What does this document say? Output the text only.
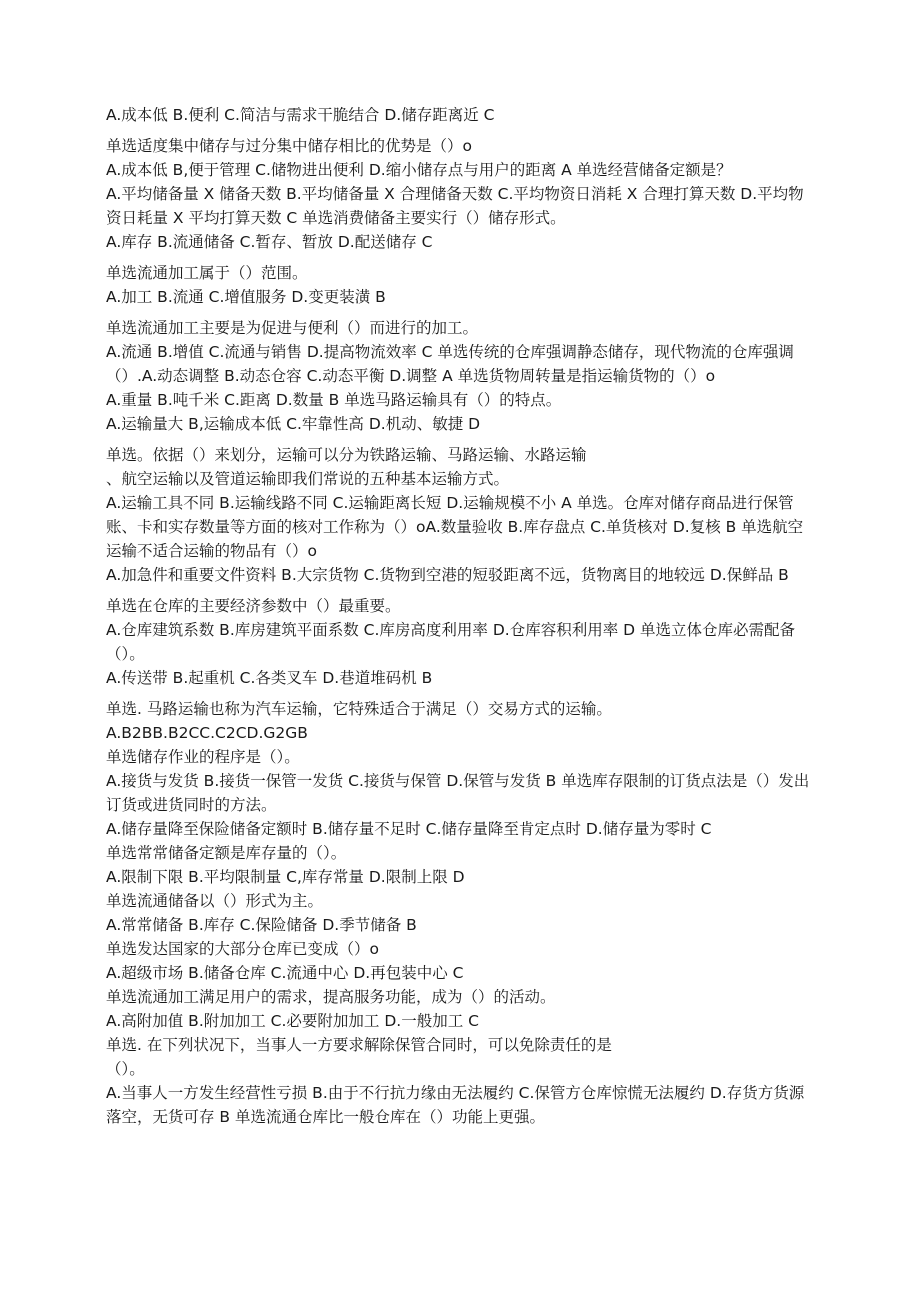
A.成本低 B.便利 C.简洁与需求干脆结合 D.储存距离近 C

单选适度集中储存与过分集中储存相比的优势是（）o

A.成本低 B,便于管理 C.储物进出便利 D.缩小储存点与用户的距离 A 单选经营储备定额是？

A.平均储备量 X 储备天数 B.平均储备量 X 合理储备天数 C.平均物资日消耗 X 合理打算天数 D.平均物资日耗量 X 平均打算天数 C 单选消费储备主要实行（）储存形式。

A.库存 B.流通储备 C.暂存、暂放 D.配送储存 C

单选流通加工属于（）范围。

A.加工 B.流通 C.增值服务 D.变更装潢 B

单选流通加工主要是为促进与便利（）而进行的加工。

A.流通 B.增值 C.流通与销售 D.提高物流效率 C 单选传统的仓库强调静态储存，现代物流的仓库强调（）.A.动态调整 B.动态仓容 C.动态平衡 D.调整 A 单选货物周转量是指运输货物的（）o

A.重量 B.吨千米 C.距离 D.数量 B 单选马路运输具有（）的特点。

A.运输量大 B,运输成本低 C.牢靠性高 D.机动、敏捷 D

单选。依据（）来划分，运输可以分为铁路运输、马路运输、水路运输

、航空运输以及管道运输即我们常说的五种基本运输方式。

A.运输工具不同 B.运输线路不同 C.运输距离长短 D.运输规模不小 A 单选。仓库对储存商品进行保管账、卡和实存数量等方面的核对工作称为（）oA.数量验收 B.库存盘点 C.单货核对 D.复核 B 单选航空运输不适合运输的物品有（）o

A.加急件和重要文件资料 B.大宗货物 C.货物到空港的短驳距离不远，货物离目的地较远 D.保鲜品 B

单选在仓库的主要经济参数中（）最重要。

A.仓库建筑系数 B.库房建筑平面系数 C.库房高度利用率 D.仓库容积利用率 D 单选立体仓库必需配备（）。

A.传送带 B.起重机 C.各类叉车 D.巷道堆码机 B

单选. 马路运输也称为汽车运输，它特殊适合于满足（）交易方式的运输。

A.B2BB.B2CC.C2CD.G2GB

单选储存作业的程序是（）。

A.接货与发货 B.接货一保管一发货 C.接货与保管 D.保管与发货 B 单选库存限制的订货点法是（）发出订货或进货同时的方法。

A.储存量降至保险储备定额时 B.储存量不足时 C.储存量降至肯定点时 D.储存量为零时 C

单选常常储备定额是库存量的（）。

A.限制下限 B.平均限制量 C,库存常量 D.限制上限 D

单选流通储备以（）形式为主。

A.常常储备 B.库存 C.保险储备 D.季节储备 B

单选发达国家的大部分仓库已变成（）o

A.超级市场 B.储备仓库 C.流通中心 D.再包装中心 C

单选流通加工满足用户的需求，提高服务功能，成为（）的活动。

A.高附加值 B.附加加工 C.必要附加加工 D.一般加工 C

单选. 在下列状况下，当事人一方要求解除保管合同时，可以免除责任的是

（）。

A.当事人一方发生经营性亏损 B.由于不行抗力缘由无法履约 C.保管方仓库惊慌无法履约 D.存货方货源落空，无货可存 B 单选流通仓库比一般仓库在（）功能上更强。
